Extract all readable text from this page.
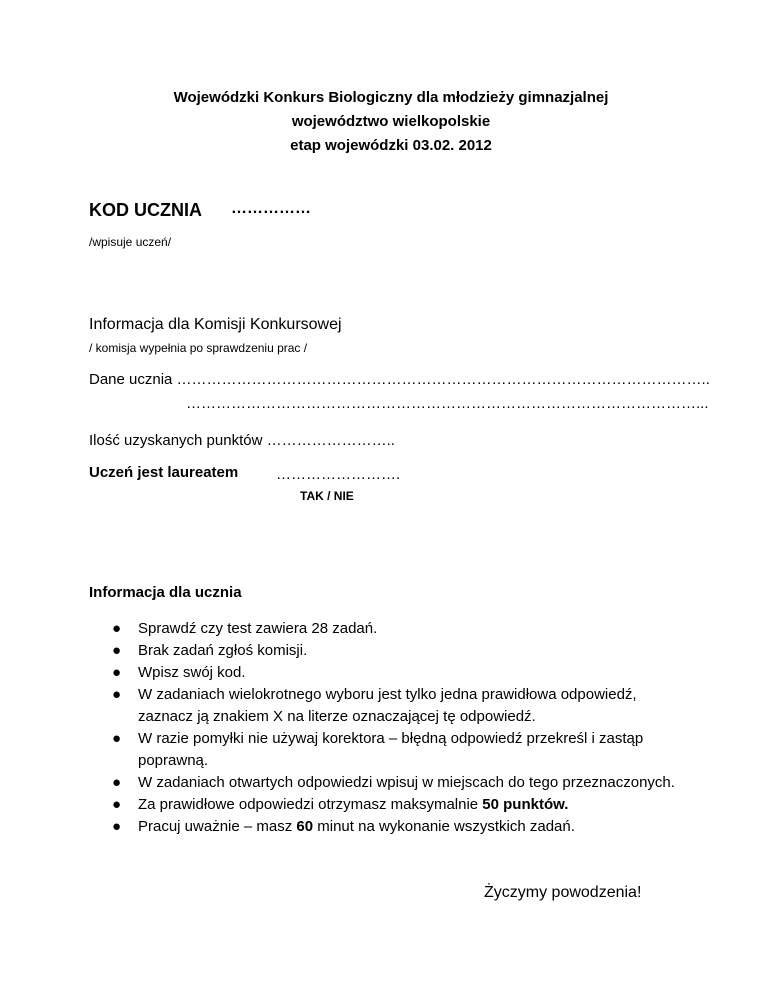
Wojewódzki Konkurs Biologiczny dla młodzieży gimnazjalnej
województwo wielkopolskie
etap wojewódzki 03.02. 2012
KOD UCZNIA ……………
/wpisuje uczeń/
Informacja dla Komisji Konkursowej
/ komisja wypełnia po sprawdzeniu prac /
Dane ucznia ……………………………………………………………………………………………..
…………………………………………………………………………………………...
Ilość uzyskanych punktów ……………………..
Uczeń jest laureatem	…………………….
TAK / NIE
Informacja dla ucznia
● Sprawdź czy test zawiera 28 zadań.
● Brak zadań zgłoś komisji.
● Wpisz swój kod.
● W zadaniach wielokrotnego wyboru jest tylko jedna prawidłowa odpowiedź, zaznacz ją znakiem X na literze oznaczającej tę odpowiedź.
● W razie pomyłki nie używaj korektora – błędną odpowiedź przekreśl i zastąp poprawną.
● W zadaniach otwartych odpowiedzi wpisuj w miejscach do tego przeznaczonych.
● Za prawidłowe odpowiedzi otrzymasz maksymalnie 50 punktów.
● Pracuj uważnie – masz 60 minut na wykonanie wszystkich zadań.
Życzymy powodzenia!
